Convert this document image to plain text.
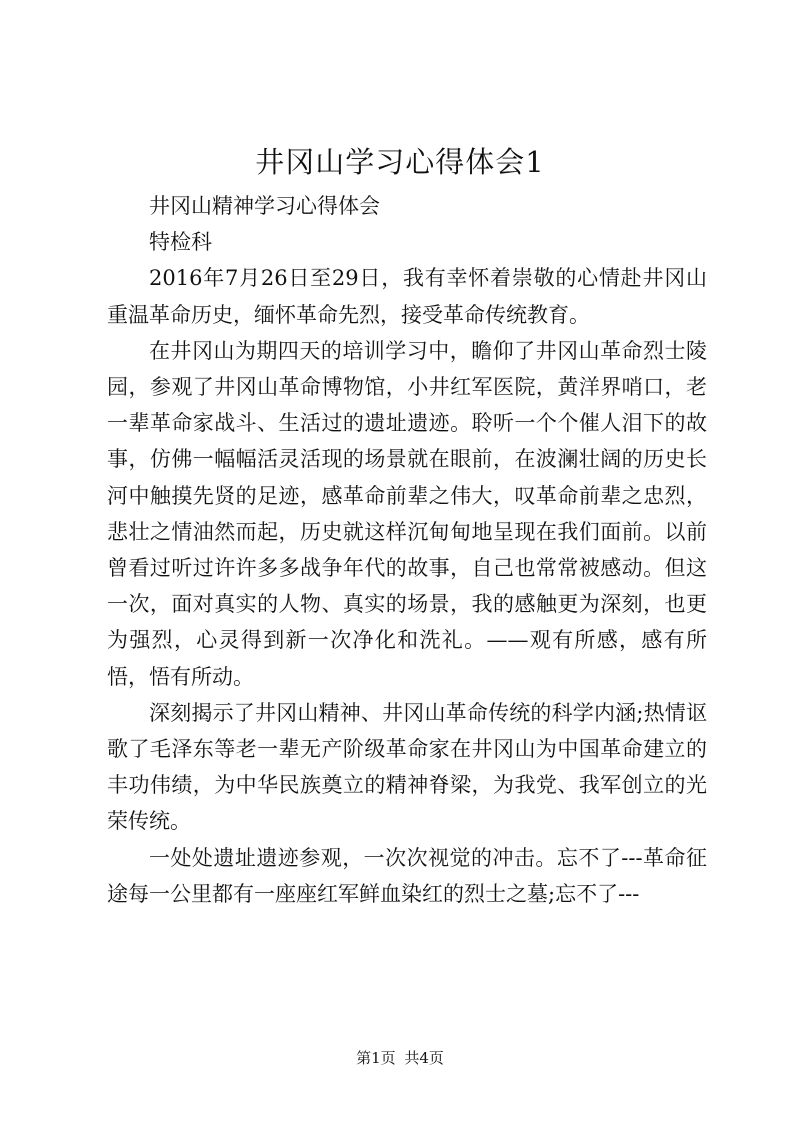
井冈山学习心得体会1

井冈山精神学习心得体会

特检科

2016年7月26日至29日，我有幸怀着崇敬的心情赴井冈山重温革命历史，缅怀革命先烈，接受革命传统教育。

在井冈山为期四天的培训学习中，瞻仰了井冈山革命烈士陵园，参观了井冈山革命博物馆，小井红军医院，黄洋界哨口，老一辈革命家战斗、生活过的遗址遗迹。聆听一个个催人泪下的故事，仿佛一幅幅活灵活现的场景就在眼前，在波澜壮阔的历史长河中触摸先贤的足迹，感革命前辈之伟大，叹革命前辈之忠烈，悲壮之情油然而起，历史就这样沉甸甸地呈现在我们面前。以前曾看过听过许许多多战争年代的故事，自己也常常被感动。但这一次，面对真实的人物、真实的场景，我的感触更为深刻，也更为强烈，心灵得到新一次净化和洗礼。——观有所感，感有所悟，悟有所动。

深刻揭示了井冈山精神、井冈山革命传统的科学内涵;热情讴歌了毛泽东等老一辈无产阶级革命家在井冈山为中国革命建立的丰功伟绩，为中华民族奠立的精神脊梁，为我党、我军创立的光荣传统。

一处处遗址遗迹参观，一次次视觉的冲击。忘不了---革命征途每一公里都有一座座红军鲜血染红的烈士之墓;忘不了---

第1页 共4页
